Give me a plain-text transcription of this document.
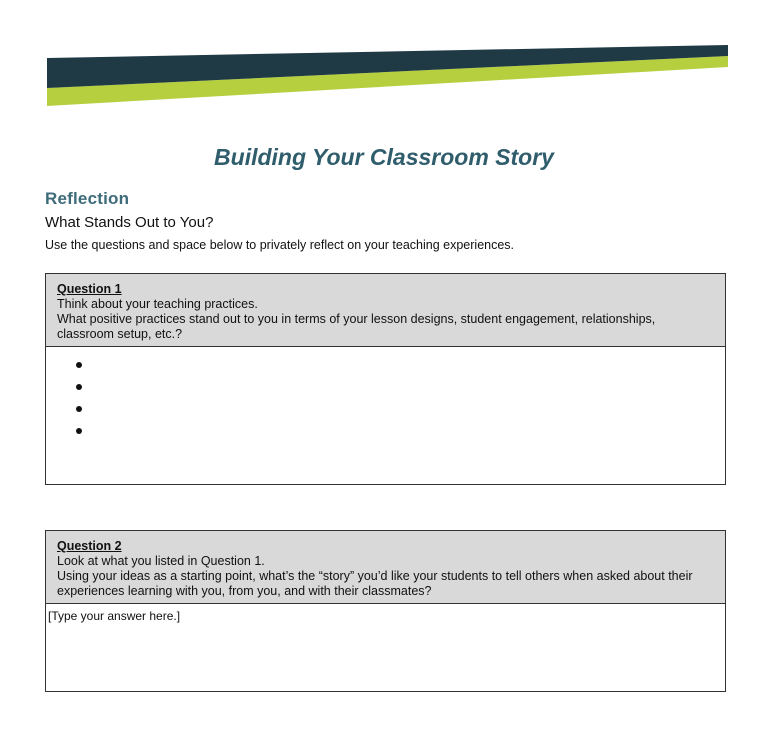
Building Your Classroom Story
Reflection

What Stands Out to You?

Use the questions and space below to privately reflect on your teaching experiences.

Question 1
Think about your teaching practices.
What positive practices stand out to you in terms of your lesson designs, student engagement, relationships, classroom setup, etc.?
Question 2
Look at what you listed in Question 1.
Using your ideas as a starting point, what’s the “story” you’d like your students to tell others when asked about their experiences learning with you, from you, and with their classmates?
[Type your answer here.]
